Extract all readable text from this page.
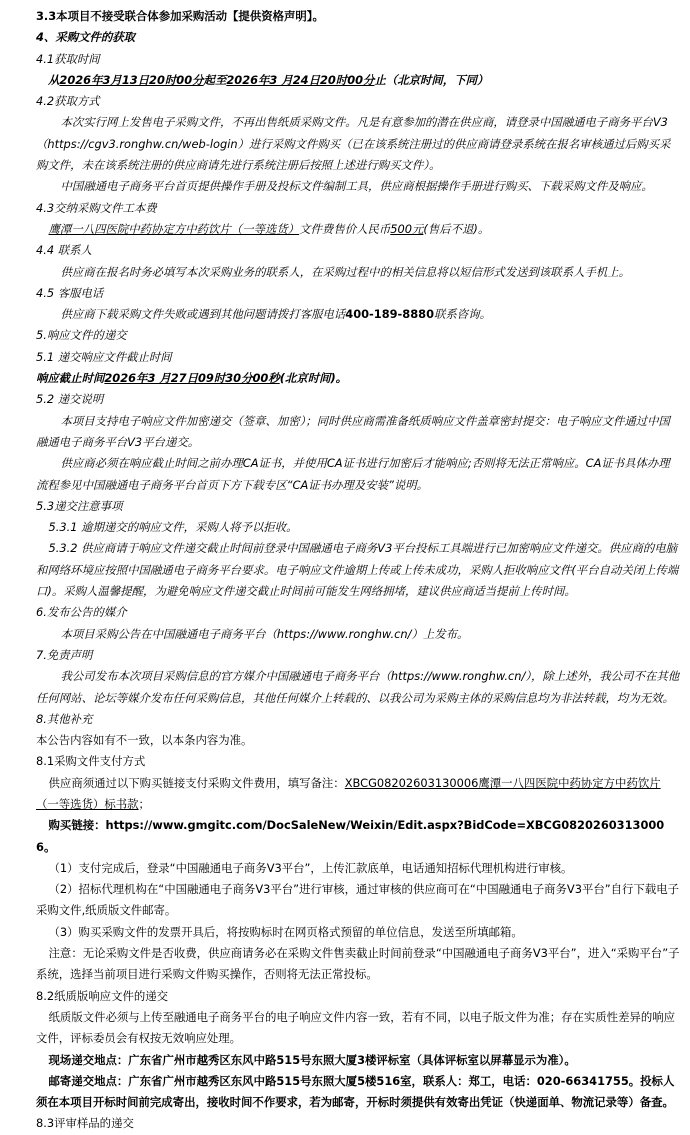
3.3本项目不接受联合体参加采购活动【提供资格声明】。

4、采购文件的获取

4.1获取时间

从2026年3月13日20时00分起至2026年3 月24日20时00分止（北京时间，下同）

4.2获取方式

本次实行网上发售电子采购文件，不再出售纸质采购文件。凡是有意参加的潜在供应商，请登录中国融通电子商务平台V3（https://cgv3.ronghw.cn/web-login）进行采购文件购买（已在该系统注册过的供应商请登录系统在报名审核通过后购买采购文件，未在该系统注册的供应商请先进行系统注册后按照上述进行购买文件）。

中国融通电子商务平台首页提供操作手册及投标文件编制工具，供应商根据操作手册进行购买、下载采购文件及响应。

4.3交纳采购文件工本费

鹰潭一八四医院中药协定方中药饮片（一等选货）文件费售价人民币500元(售后不退)。

4.4 联系人

供应商在报名时务必填写本次采购业务的联系人，在采购过程中的相关信息将以短信形式发送到该联系人手机上。

4.5 客服电话

供应商下载采购文件失败或遇到其他问题请拨打客服电话400-189-8880联系咨询。

5.响应文件的递交

5.1 递交响应文件截止时间

响应截止时间2026年3 月27日09时30分00秒(北京时间)。

5.2 递交说明

本项目支持电子响应文件加密递交（签章、加密）；同时供应商需准备纸质响应文件盖章密封提交：电子响应文件通过中国融通电子商务平台V3平台递交。

供应商必须在响应截止时间之前办理CA证书，并使用CA证书进行加密后才能响应;否则将无法正常响应。CA证书具体办理流程参见中国融通电子商务平台首页下方下载专区“CA证书办理及安装”说明。

5.3递交注意事项

5.3.1 逾期递交的响应文件，采购人将予以拒收。

5.3.2 供应商请于响应文件递交截止时间前登录中国融通电子商务V3平台投标工具端进行已加密响应文件递交。供应商的电脑和网络环境应按照中国融通电子商务平台要求。电子响应文件逾期上传或上传未成功，采购人拒收响应文件(平台自动关闭上传端口)。采购人温馨提醒，为避免响应文件递交截止时间前可能发生网络拥堵，建议供应商适当提前上传时间。

6.发布公告的媒介

本项目采购公告在中国融通电子商务平台（https://www.ronghw.cn/）上发布。

7.免责声明

我公司发布本次项目采购信息的官方媒介中国融通电子商务平台（https://www.ronghw.cn/），除上述外，我公司不在其他任何网站、论坛等媒介发布任何采购信息，其他任何媒介上转载的、以我公司为采购主体的采购信息均为非法转载，均为无效。

8.其他补充

本公告内容如有不一致，以本条内容为准。

8.1采购文件支付方式

供应商须通过以下购买链接支付采购文件费用，填写备注：XBCG08202603130006鹰潭一八四医院中药协定方中药饮片（一等选货）标书款；

购买链接：https://www.gmgitc.com/DocSaleNew/Weixin/Edit.aspx?BidCode=XBCG08202603130006。

（1）支付完成后，登录“中国融通电子商务V3平台”，上传汇款底单，电话通知招标代理机构进行审核。

（2）招标代理机构在“中国融通电子商务V3平台”进行审核，通过审核的供应商可在“中国融通电子商务V3平台”自行下载电子采购文件,纸质版文件邮寄。

（3）购买采购文件的发票开具后，将按购标时在网页格式预留的单位信息，发送至所填邮箱。

注意：无论采购文件是否收费，供应商请务必在采购文件售卖截止时间前登录“中国融通电子商务V3平台”，进入“采购平台”子系统，选择当前项目进行采购文件购买操作，否则将无法正常投标。

8.2纸质版响应文件的递交

纸质版文件必须与上传至融通电子商务平台的电子响应文件内容一致，若有不同，以电子版文件为准；存在实质性差异的响应文件，评标委员会有权按无效响应处理。

现场递交地点：广东省广州市越秀区东风中路515号东照大厦3楼评标室（具体评标室以屏幕显示为准）。

邮寄递交地点：广东省广州市越秀区东风中路515号东照大厦5楼516室，联系人：郑工，电话：020-66341755。投标人须在本项目开标时间前完成寄出，接收时间不作要求，若为邮寄，开标时须提供有效寄出凭证（快递面单、物流记录等）备查。

8.3评审样品的递交
